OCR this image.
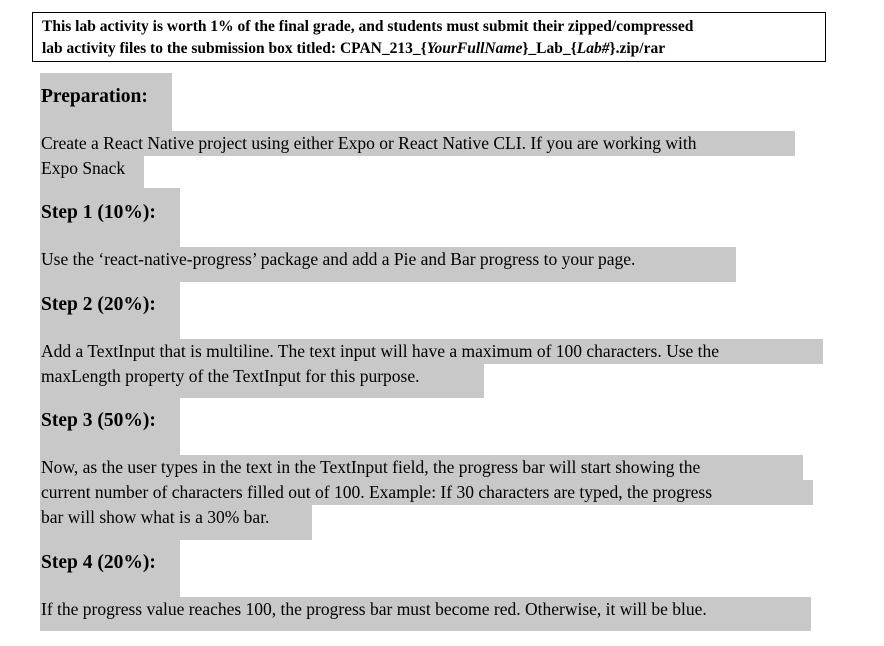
This lab activity is worth 1% of the final grade, and students must submit their zipped/compressed
lab activity files to the submission box titled: CPAN_213_{YourFullName}_Lab_{Lab#}.zip/rar
Preparation:
Create a React Native project using either Expo or React Native CLI. If you are working with
Expo Snack
Step 1 (10%):
Use the ‘react-native-progress’ package and add a Pie and Bar progress to your page.
Step 2 (20%):
Add a TextInput that is multiline. The text input will have a maximum of 100 characters. Use the
maxLength property of the TextInput for this purpose.
Step 3 (50%):
Now, as the user types in the text in the TextInput field, the progress bar will start showing the
current number of characters filled out of 100. Example: If 30 characters are typed, the progress
bar will show what is a 30% bar.
Step 4 (20%):
If the progress value reaches 100, the progress bar must become red. Otherwise, it will be blue.
